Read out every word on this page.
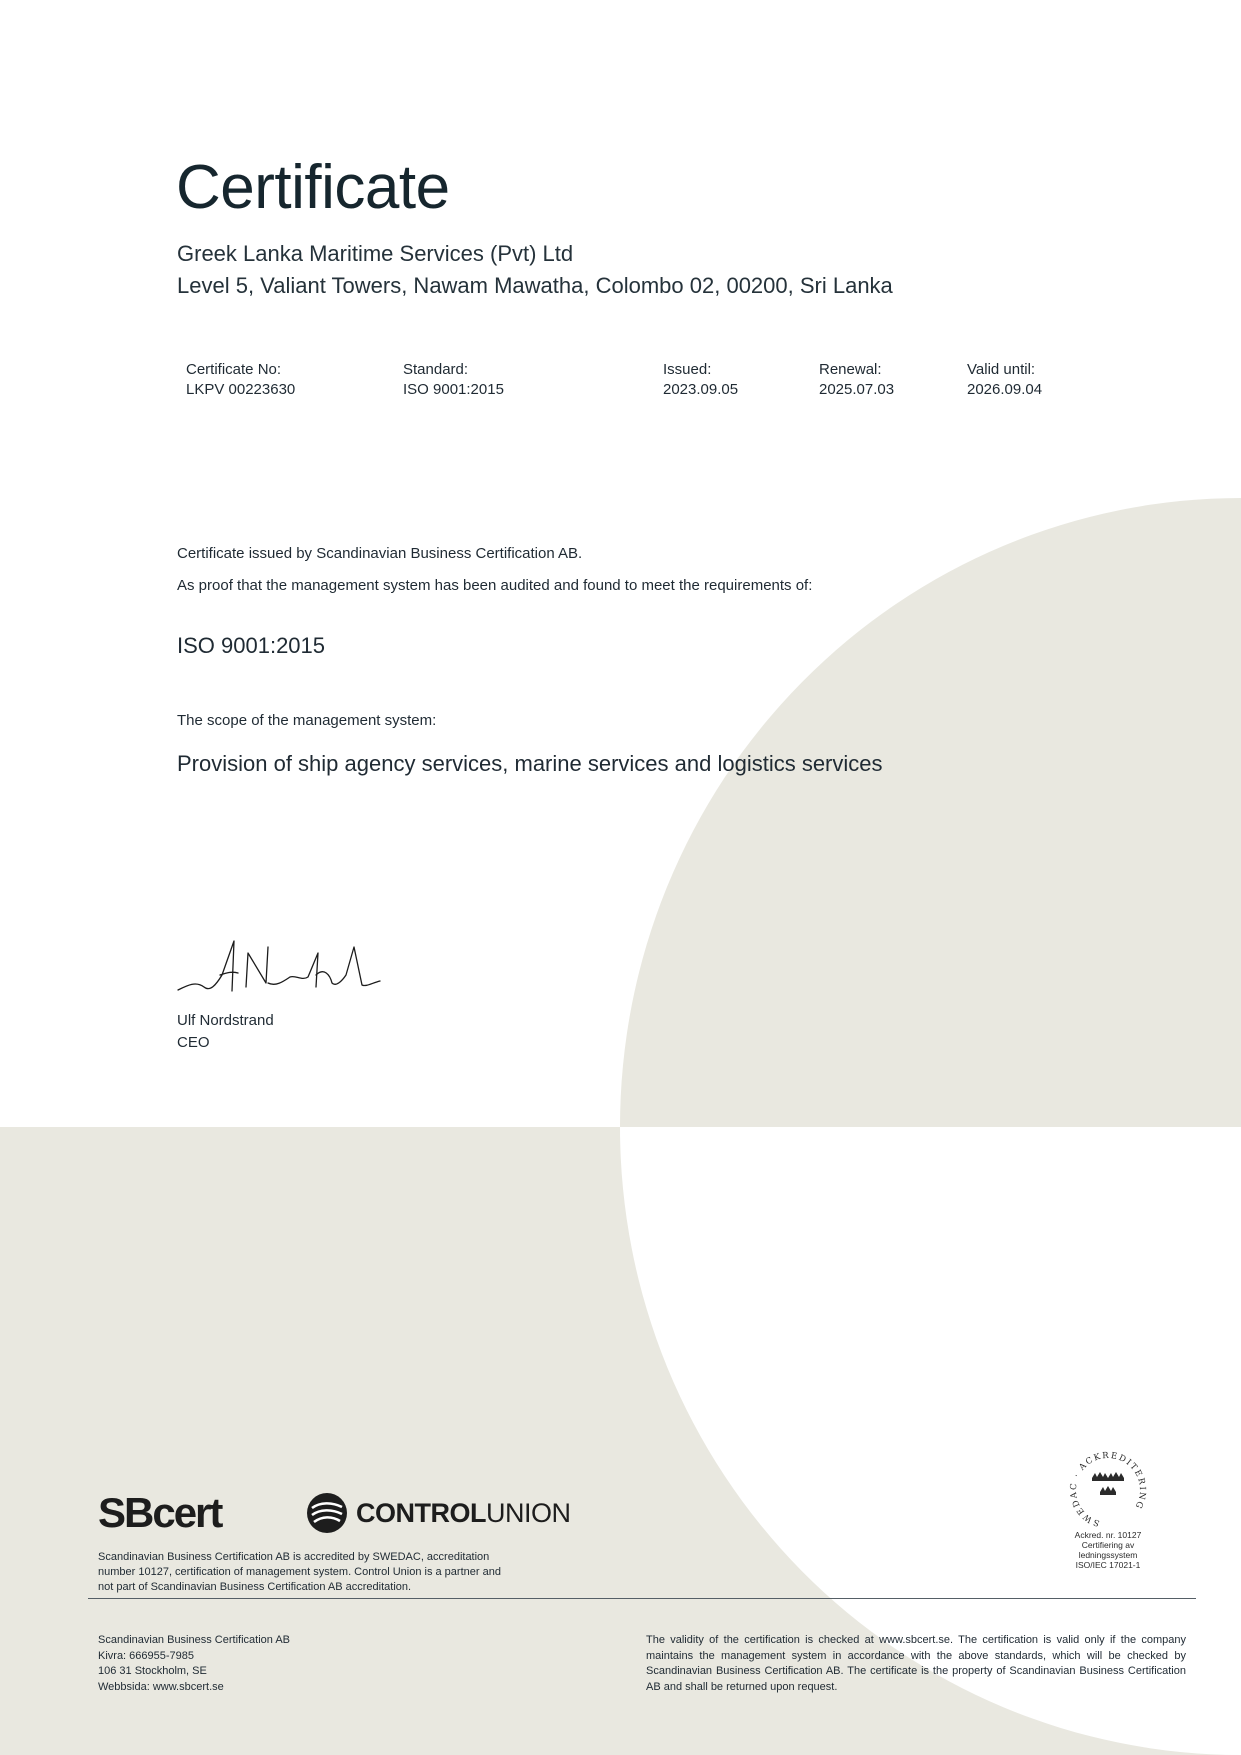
Certificate
Greek Lanka Maritime Services (Pvt) Ltd
Level 5, Valiant Towers, Nawam Mawatha, Colombo 02, 00200, Sri Lanka
Certificate No:
LKPV 00223630
Standard:
ISO 9001:2015
Issued:
2023.09.05
Renewal:
2025.07.03
Valid until:
2026.09.04
Certificate issued by Scandinavian Business Certification AB.
As proof that the management system has been audited and found to meet the requirements of:
ISO 9001:2015
The scope of the management system:
Provision of ship agency services, marine services and logistics services
Ulf Nordstrand
CEO
SBcert	CONTROLUNION
Scandinavian Business Certification AB is accredited by SWEDAC, accreditation number 10127, certification of management system. Control Union is a partner and not part of Scandinavian Business Certification AB accreditation.
Scandinavian Business Certification AB
Kivra: 666955-7985
106 31 Stockholm, SE
Webbsida: www.sbcert.se
The validity of the certification is checked at www.sbcert.se. The certification is valid only if the company maintains the management system in accordance with the above standards, which will be checked by Scandinavian Business Certification AB. The certificate is the property of Scandinavian Business Certification AB and shall be returned upon request.
SWEDAC · ACKREDITERING
Ackred. nr. 10127
Certifiering av
ledningssystem
ISO/IEC 17021-1
